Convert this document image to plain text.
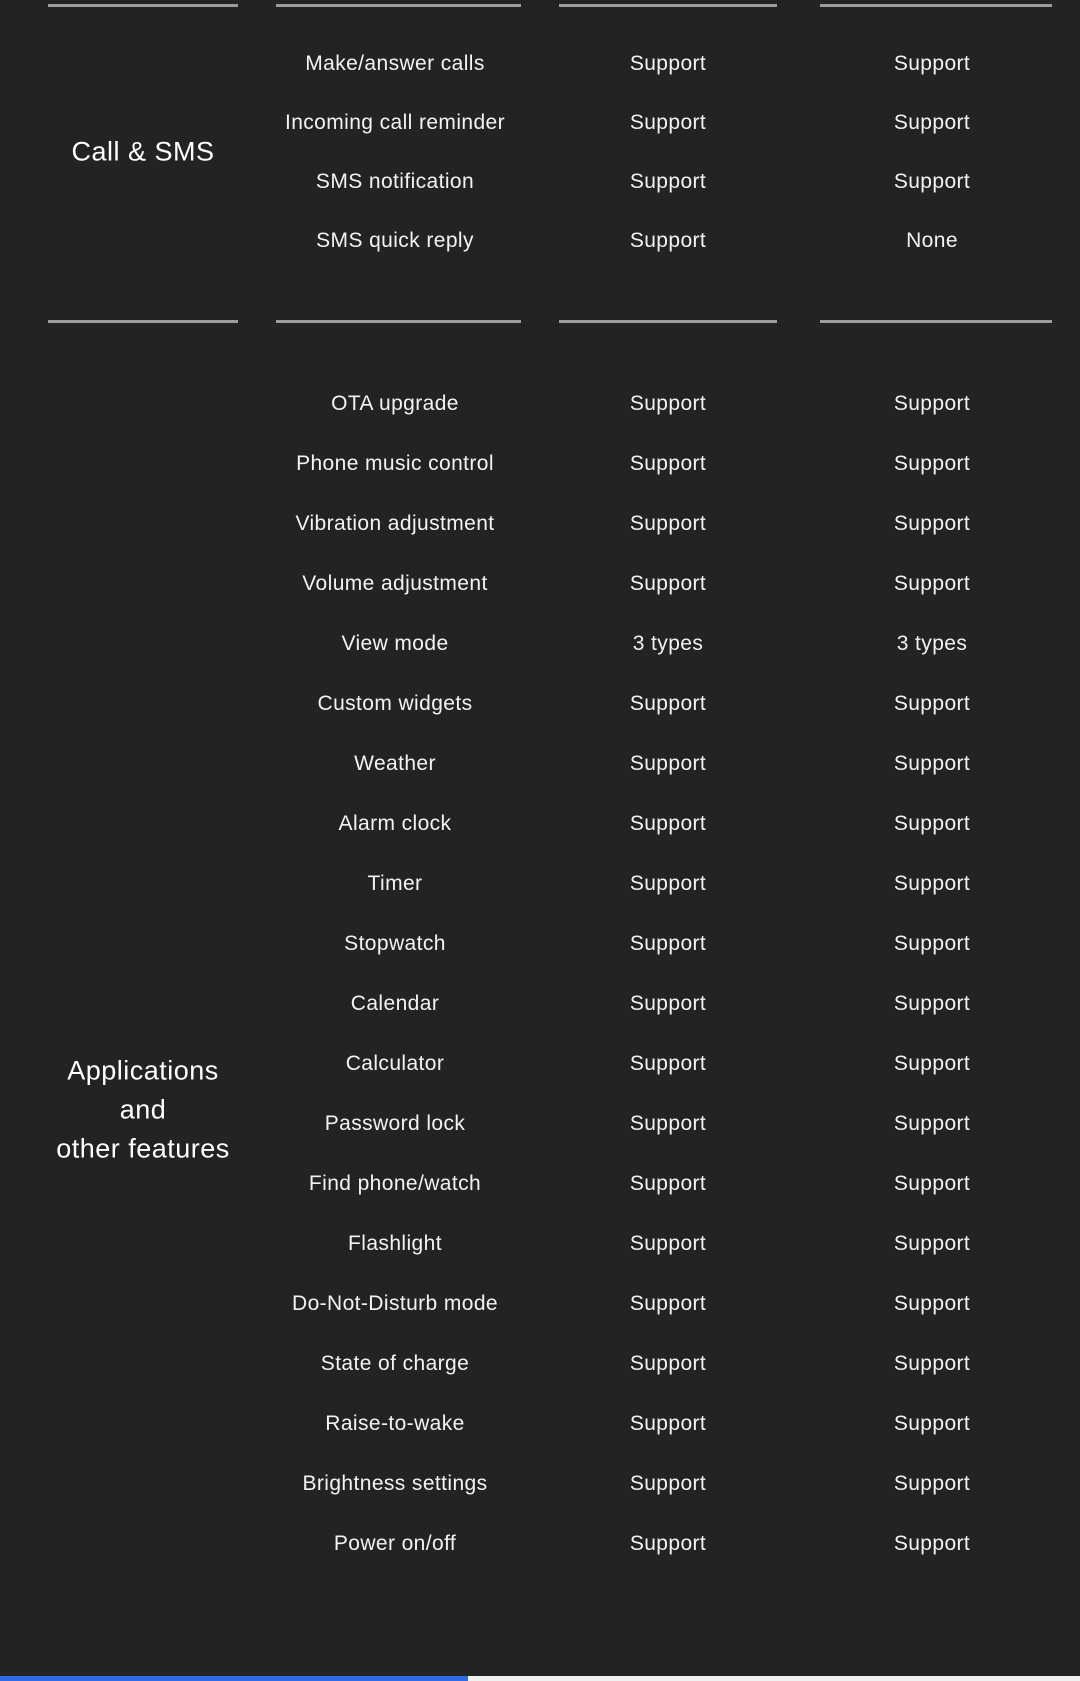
Call & SMS
Make/answer calls	Support	Support
Incoming call reminder	Support	Support
SMS notification	Support	Support
SMS quick reply	Support	None
Applications
and
other features
OTA upgrade	Support	Support
Phone music control	Support	Support
Vibration adjustment	Support	Support
Volume adjustment	Support	Support
View mode	3 types	3 types
Custom widgets	Support	Support
Weather	Support	Support
Alarm clock	Support	Support
Timer	Support	Support
Stopwatch	Support	Support
Calendar	Support	Support
Calculator	Support	Support
Password lock	Support	Support
Find phone/watch	Support	Support
Flashlight	Support	Support
Do-Not-Disturb mode	Support	Support
State of charge	Support	Support
Raise-to-wake	Support	Support
Brightness settings	Support	Support
Power on/off	Support	Support
